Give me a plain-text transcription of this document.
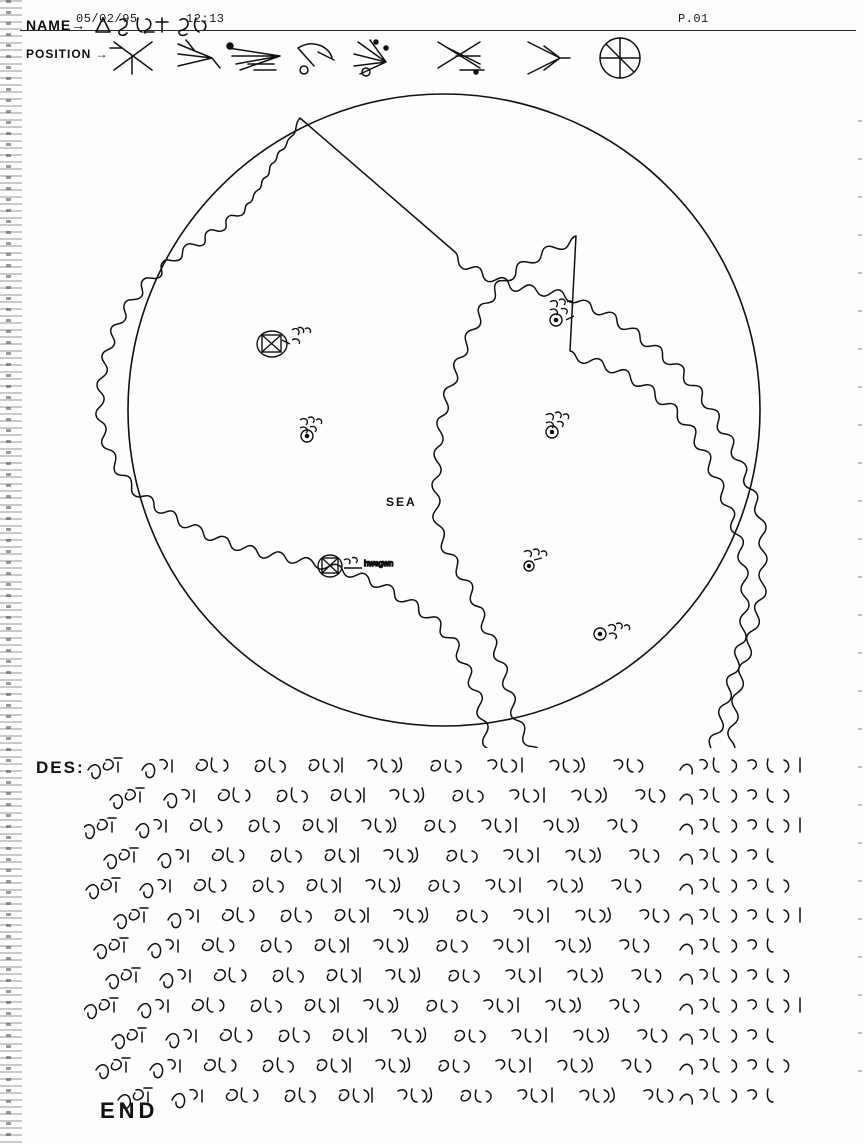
05/02/95	12:13	P.01
NAME→
POSITION →
SEA
hwegwn
DES:
END
